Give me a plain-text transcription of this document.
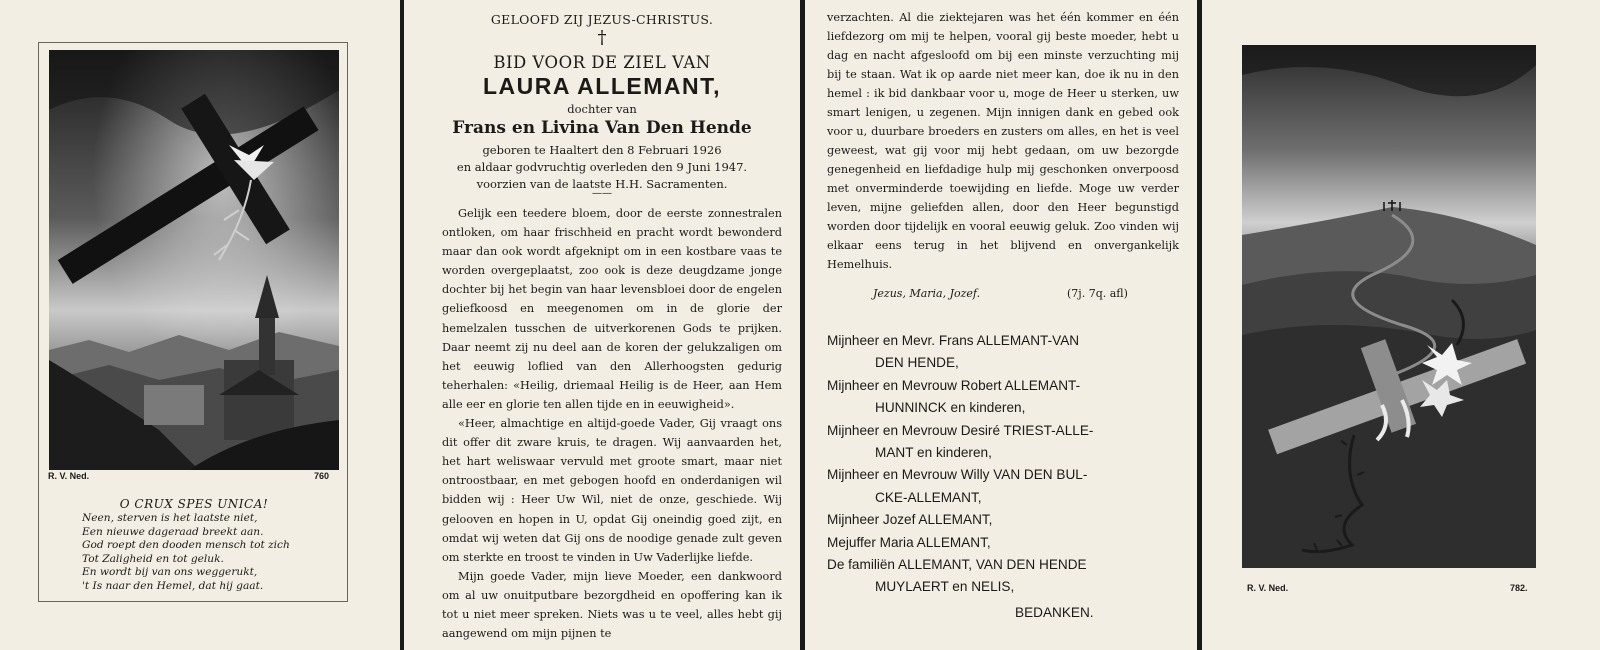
R. V. Ned.	760
O CRUX SPES UNICA!
Neen, sterven is het laatste niet,
Een nieuwe dageraad breekt aan.
God roept den dooden mensch tot zich
Tot Zaligheid en tot geluk.
En wordt bij van ons weggerukt,
't Is naar den Hemel, dat hij gaat.
GELOOFD ZIJ JEZUS-CHRISTUS.
†
BID VOOR DE ZIEL VAN
LAURA ALLEMANT,
dochter van
Frans en Livina Van Den Hende
geboren te Haaltert den 8 Februari 1926
en aldaar godvruchtig overleden den 9 Juni 1947.
voorzien van de laatste H.H. Sacramenten.
——

Gelijk een teedere bloem, door de eerste zonnestralen ontloken, om haar frischheid en pracht wordt bewonderd maar dan ook wordt afgeknipt om in een kostbare vaas te worden overgeplaatst, zoo ook is deze deugdzame jonge dochter bij het begin van haar levensbloei door de engelen geliefkoosd en meegenomen om in de glorie der hemelzalen tusschen de uitverkorenen Gods te prijken. Daar neemt zij nu deel aan de koren der gelukzaligen om het eeuwig loflied van den Allerhoogsten gedurig teherhalen: «Heilig, driemaal Heilig is de Heer, aan Hem alle eer en glorie ten allen tijde en in eeuwigheid».

«Heer, almachtige en altijd-goede Vader, Gij vraagt ons dit offer dit zware kruis, te dragen. Wij aanvaarden het, het hart weliswaar vervuld met groote smart, maar niet ontroostbaar, en met gebogen hoofd en onderdanigen wil bidden wij : Heer Uw Wil, niet de onze, geschiede. Wij gelooven en hopen in U, opdat Gij oneindig goed zijt, en omdat wij weten dat Gij ons de noodige genade zult geven om sterkte en troost te vinden in Uw Vaderlijke liefde.

Mijn goede Vader, mijn lieve Moeder, een dankwoord om al uw onuitputbare bezorgdheid en opoffering kan ik tot u niet meer spreken. Niets was u te veel, alles hebt gij aangewend om mijn pijnen te

verzachten. Al die ziektejaren was het één kommer en één liefdezorg om mij te helpen, vooral gij beste moeder, hebt u dag en nacht afgesloofd om bij een minste verzuchting mij bij te staan. Wat ik op aarde niet meer kan, doe ik nu in den hemel : ik bid dankbaar voor u, moge de Heer u sterken, uw smart lenigen, u zegenen. Mijn innigen dank en gebed ook voor u, duurbare broeders en zusters om alles, en het is veel geweest, wat gij voor mij hebt gedaan, om uw bezorgde genegenheid en liefdadige hulp mij geschonken onverpoosd met onverminderde toewijding en liefde. Moge uw verder leven, mijne geliefden allen, door den Heer begunstigd worden door tijdelijk en vooral eeuwig geluk. Zoo vinden wij elkaar eens terug in het blijvend en onvergankelijk Hemelhuis.

Jezus, Maria, Jozef.	(7j. 7q. afl)
Mijnheer en Mevr. Frans ALLEMANT-VAN
DEN HENDE,
Mijnheer en Mevrouw Robert ALLEMANT-
HUNNINCK en kinderen,
Mijnheer en Mevrouw Desiré TRIEST-ALLE-
MANT en kinderen,
Mijnheer en Mevrouw Willy VAN DEN BUL-
CKE-ALLEMANT,
Mijnheer Jozef ALLEMANT,
Mejuffer Maria ALLEMANT,
De familiën ALLEMANT, VAN DEN HENDE
MUYLAERT en NELIS,
BEDANKEN.
R. V. Ned.	782.
